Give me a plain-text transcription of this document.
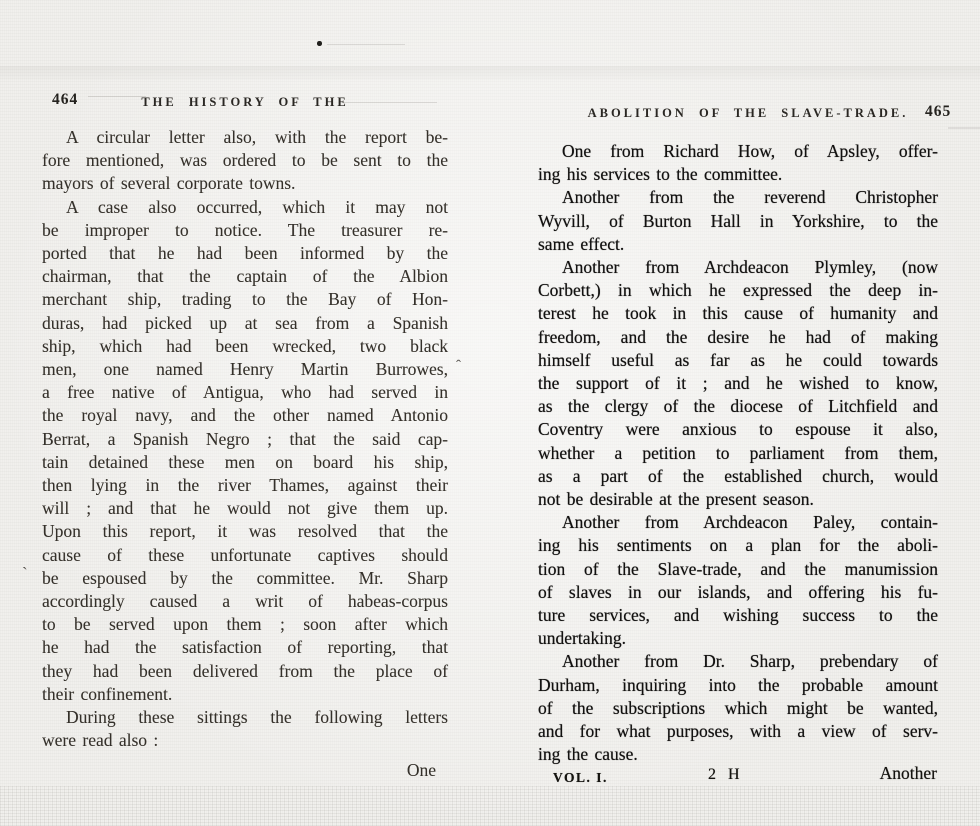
464	THE HISTORY OF THE
A circular letter also, with the report be-
fore mentioned, was ordered to be sent to the
mayors of several corporate towns.
A case also occurred, which it may not
be improper to notice. The treasurer re-
ported that he had been informed by the
chairman, that the captain of the Albion
merchant ship, trading to the Bay of Hon-
duras, had picked up at sea from a Spanish
ship, which had been wrecked, two black
men, one named Henry Martin Burrowes,
a free native of Antigua, who had served in
the royal navy, and the other named Antonio
Berrat, a Spanish Negro ; that the said cap-
tain detained these men on board his ship,
then lying in the river Thames, against their
will ; and that he would not give them up.
Upon this report, it was resolved that the
cause of these unfortunate captives should
be espoused by the committee. Mr. Sharp
accordingly caused a writ of habeas-corpus
to be served upon them ; soon after which
he had the satisfaction of reporting, that
they had been delivered from the place of
their confinement.
During these sittings the following letters
were read also :
One
ABOLITION OF THE SLAVE-TRADE.	465
One from Richard How, of Apsley, offer-
ing his services to the committee.
Another from the reverend Christopher
Wyvill, of Burton Hall in Yorkshire, to the
same effect.
Another from Archdeacon Plymley, (now
Corbett,) in which he expressed the deep in-
terest he took in this cause of humanity and
freedom, and the desire he had of making
himself useful as far as he could towards
the support of it ; and he wished to know,
as the clergy of the diocese of Litchfield and
Coventry were anxious to espouse it also,
whether a petition to parliament from them,
as a part of the established church, would
not be desirable at the present season.
Another from Archdeacon Paley, contain-
ing his sentiments on a plan for the aboli-
tion of the Slave-trade, and the manumission
of slaves in our islands, and offering his fu-
ture services, and wishing success to the
undertaking.
Another from Dr. Sharp, prebendary of
Durham, inquiring into the probable amount
of the subscriptions which might be wanted,
and for what purposes, with a view of serv-
ing the cause.
VOL. I.	2 H	Another
ˆ
`
